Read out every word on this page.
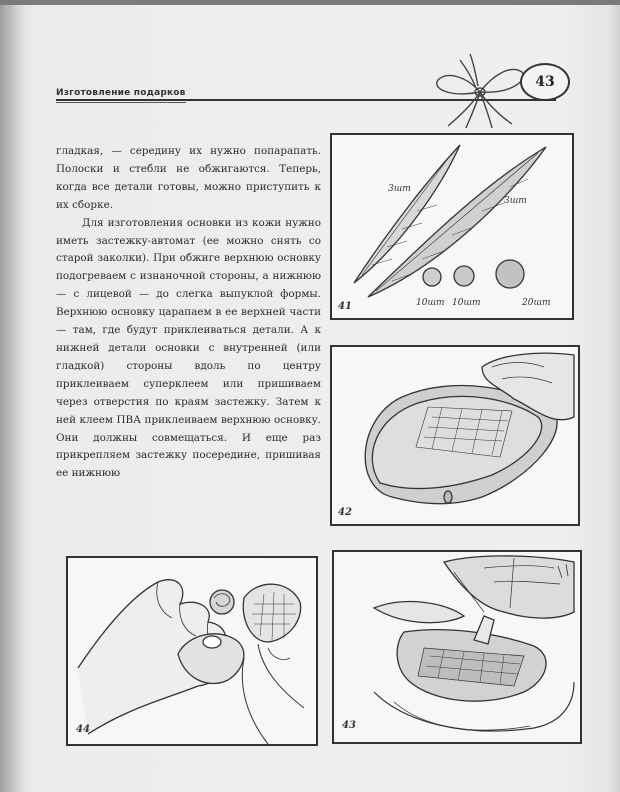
Изготовление подарков
43

гладкая, — середину их нужно попарапать. Полоски и стебли не обжигаются. Теперь, когда все детали готовы, можно приступить к их сборке.

Для изготовления основки из кожи нужно иметь застежку-автомат (ее можно снять со старой заколки). При обжиге верхнюю основку подогреваем с изнаночной стороны, а нижнюю — с лицевой — до слегка выпуклой формы. Верхнюю основку царапаем в ее верхней части — там, где будут приклеиваться детали. А к нижней детали основки с внутренней (или гладкой) стороны вдоль по центру приклеиваем суперклеем или пришиваем через отверстия по краям застежку. Затем к ней клеем ПВА приклеиваем верхнюю основку. Они должны совмещаться. И еще раз прикрепляем застежку посередине, пришивая ее нижнюю

3шт
3шт
10шт 10шт	20шт
41
42
44	43
